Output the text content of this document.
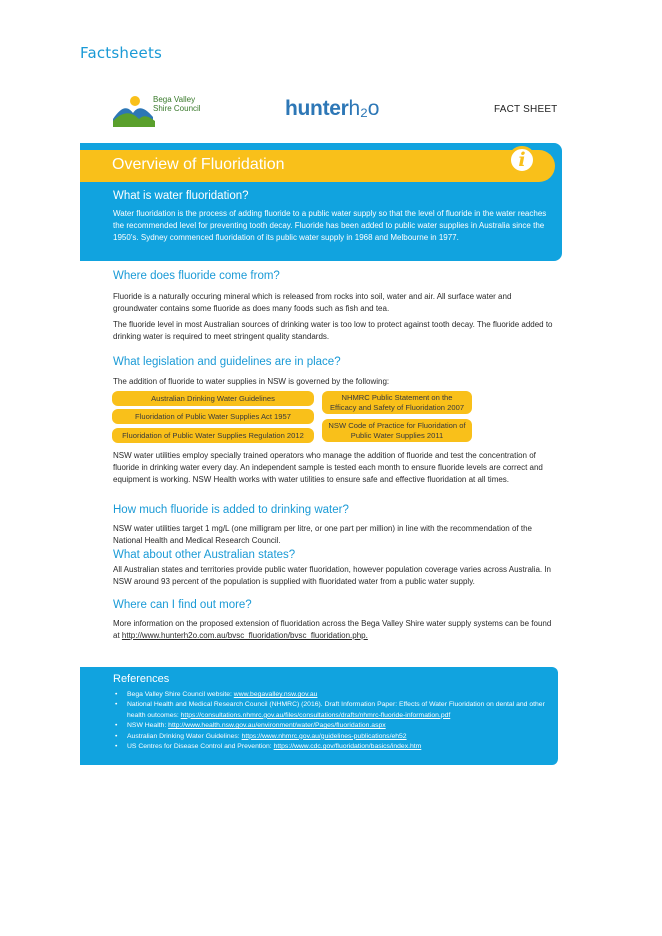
Factsheets
Bega Valley
Shire Council	hunterh₂o	FACT SHEET
Overview of Fluoridation	i
What is water fluoridation?
Water fluoridation is the process of adding fluoride to a public water supply so that the level of fluoride in the water reaches the recommended level for preventing tooth decay. Fluoride has been added to public water supplies in Australia since the 1950’s. Sydney commenced fluoridation of its public water supply in 1968 and Melbourne in 1977.
Where does fluoride come from?
Fluoride is a naturally occuring mineral which is released from rocks into soil, water and air. All surface water and groundwater contains some fluoride as does many foods such as fish and tea.
The fluoride level in most Australian sources of drinking water is too low to protect against tooth decay. The fluoride added to drinking water is required to meet stringent quality standards.
What legislation and guidelines are in place?
The addition of fluoride to water supplies in NSW is governed by the following:
Australian Drinking Water Guidelines
Fluoridation of Public Water Supplies Act 1957
Fluoridation of Public Water Supplies Regulation 2012
NHMRC Public Statement on the Efficacy and Safety of Fluoridation 2007
NSW Code of Practice for Fluoridation of Public Water Supplies 2011
NSW water utilities employ specially trained operators who manage the addition of fluoride and test the concentration of fluoride in drinking water every day. An independent sample is tested each month to ensure fluoride levels are correct and equipment is working. NSW Health works with water utilities to ensure safe and effective fluoridation at all times.
How much fluoride is added to drinking water?
NSW water utilities target 1 mg/L (one milligram per litre, or one part per million) in line with the recommendation of the National Health and Medical Research Council.
What about other Australian states?
All Australian states and territories provide public water fluoridation, however population coverage varies across Australia. In NSW around 93 percent of the population is supplied with fluoridated water from a public water supply.
Where can I find out more?
More information on the proposed extension of fluoridation across the Bega Valley Shire water supply systems can be found at http://www.hunterh2o.com.au/bvsc_fluoridation/bvsc_fluoridation.php.
References
• Bega Valley Shire Council website: www.begavalley.nsw.gov.au
• National Health and Medical Research Council (NHMRC) (2016). Draft Information Paper: Effects of Water Fluoridation on dental and other health outcomes: https://consultations.nhmrc.gov.au/files/consultations/drafts/nhmrc-fluoride-information.pdf
• NSW Health: http://www.health.nsw.gov.au/environment/water/Pages/fluoridation.aspx
• Australian Drinking Water Guidelines: https://www.nhmrc.gov.au/guidelines-publications/eh52
• US Centres for Disease Control and Prevention: https://www.cdc.gov/fluoridation/basics/index.htm
